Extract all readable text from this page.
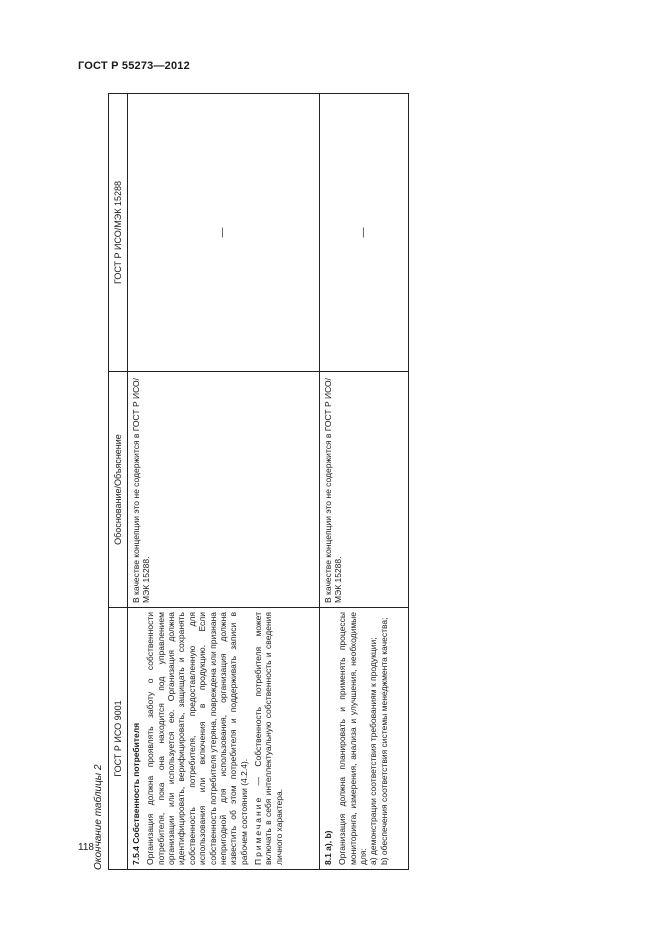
ГОСТ Р 55273—2012
Окончание таблицы 2
ГОСТ Р ИСО 9001	Обоснование/Объяснение	ГОСТ Р ИСО/МЭК 15288

7.5.4 Собственность потребителя Организация должна проявлять заботу о собственности потребителя, пока она находится под управлением организации или используется ею. Организация должна идентифицировать, верифицировать, защищать и сохранять собственность потребителя, предоставленную для использования или включения в продукцию. Если собственность потребителя утеряна, повреждена или признана непригодной для использования, организация должна известить об этом потребителя и поддерживать записи в рабочем состоянии (4.2.4). Примечание — Собственность потребителя может включать в себя интеллектуальную собственность и сведения личного характера.	В качестве концепции это не содержится в ГОСТ Р ИСО/МЭК 15288.	—

8.1 a), b) Организация должна планировать и применять процессы мониторинга, измерения, анализа и улучшения, необходимые для: а) демонстрации соответствия требованиям к продукции; b) обеспечения соответствия системы менеджмента качества;	В качестве концепции это не содержится в ГОСТ Р ИСО/МЭК 15288.	—
118
